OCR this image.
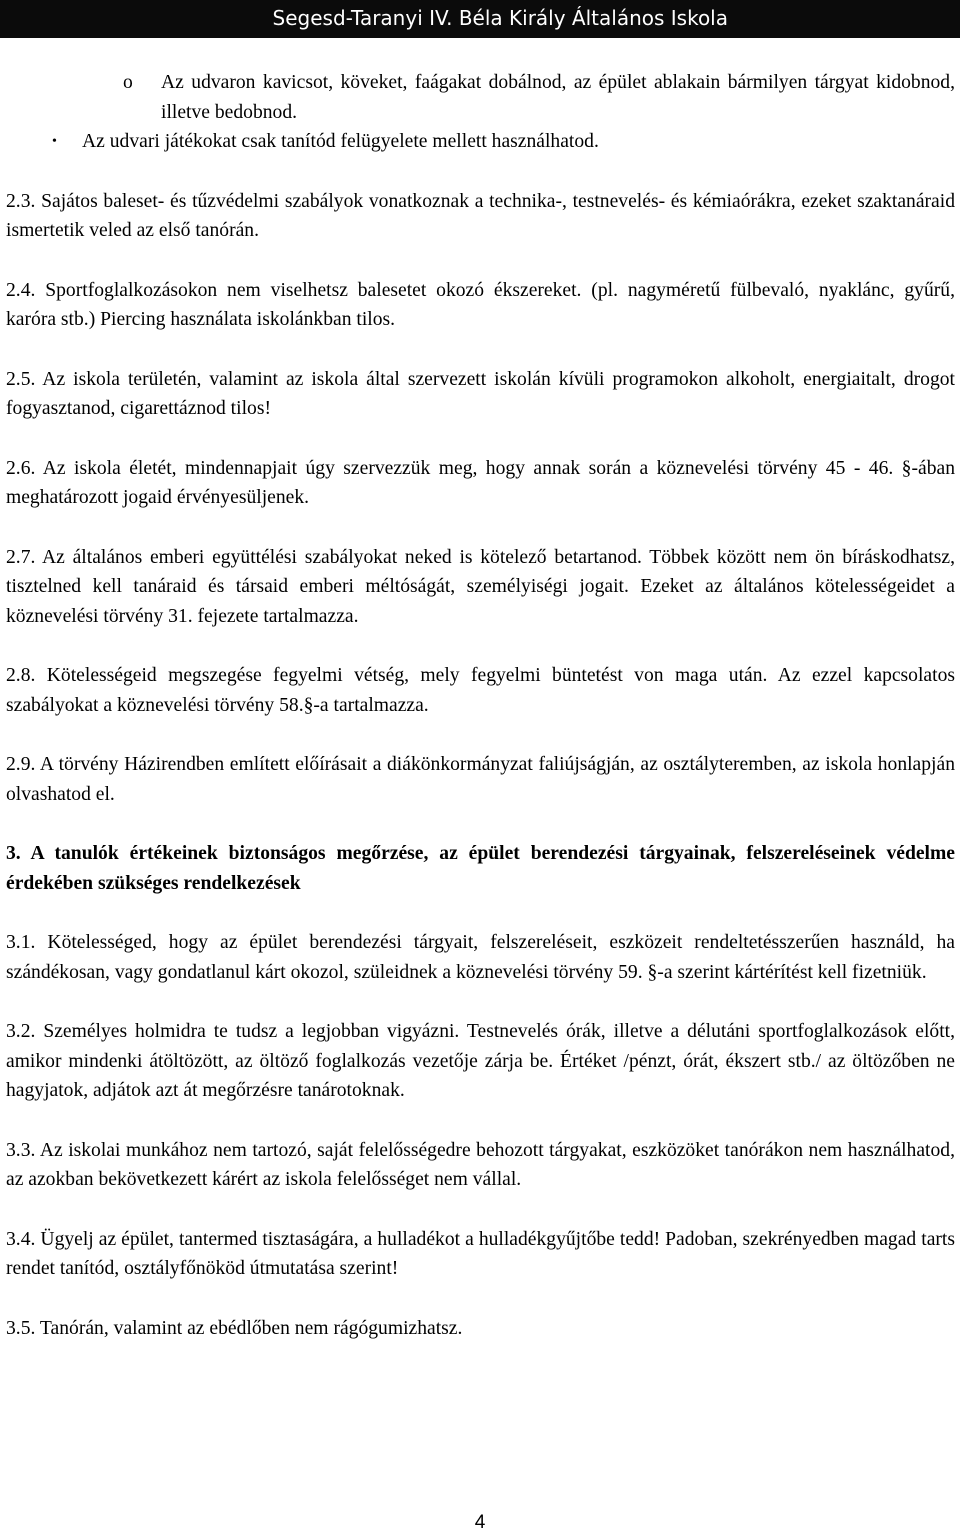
Segesd-Taranyi IV. Béla Király Általános Iskola
o Az udvaron kavicsot, köveket, faágakat dobálnod, az épület ablakain bármilyen tárgyat kidobnod, illetve bedobnod.
• Az udvari játékokat csak tanítód felügyelete mellett használhatod.

2.3. Sajátos baleset- és tűzvédelmi szabályok vonatkoznak a technika-, testnevelés- és kémiaórákra, ezeket szaktanáraid ismertetik veled az első tanórán.

2.4. Sportfoglalkozásokon nem viselhetsz balesetet okozó ékszereket. (pl. nagyméretű fülbevaló, nyaklánc, gyűrű, karóra stb.) Piercing használata iskolánkban tilos.

2.5. Az iskola területén, valamint az iskola által szervezett iskolán kívüli programokon alkoholt, energiaitalt, drogot fogyasztanod, cigarettáznod tilos!

2.6. Az iskola életét, mindennapjait úgy szervezzük meg, hogy annak során a köznevelési törvény 45 - 46. §-ában meghatározott jogaid érvényesüljenek.

2.7. Az általános emberi együttélési szabályokat neked is kötelező betartanod. Többek között nem ön bíráskodhatsz, tisztelned kell tanáraid és társaid emberi méltóságát, személyiségi jogait. Ezeket az általános kötelességeidet a köznevelési törvény 31. fejezete tartalmazza.

2.8. Kötelességeid megszegése fegyelmi vétség, mely fegyelmi büntetést von maga után. Az ezzel kapcsolatos szabályokat a köznevelési törvény 58.§-a tartalmazza.

2.9. A törvény Házirendben említett előírásait a diákönkormányzat faliújságján, az osztályteremben, az iskola honlapján olvashatod el.

3. A tanulók értékeinek biztonságos megőrzése, az épület berendezési tárgyainak, felszereléseinek védelme érdekében szükséges rendelkezések

3.1. Kötelességed, hogy az épület berendezési tárgyait, felszereléseit, eszközeit rendeltetésszerűen használd, ha szándékosan, vagy gondatlanul kárt okozol, szüleidnek a köznevelési törvény 59. §-a szerint kártérítést kell fizetniük.

3.2. Személyes holmidra te tudsz a legjobban vigyázni. Testnevelés órák, illetve a délutáni sportfoglalkozások előtt, amikor mindenki átöltözött, az öltöző foglalkozás vezetője zárja be. Értéket /pénzt, órát, ékszert stb./ az öltözőben ne hagyjatok, adjátok azt át megőrzésre tanárotoknak.

3.3. Az iskolai munkához nem tartozó, saját felelősségedre behozott tárgyakat, eszközöket tanórákon nem használhatod, az azokban bekövetkezett kárért az iskola felelősséget nem vállal.

3.4. Ügyelj az épület, tantermed tisztaságára, a hulladékot a hulladékgyűjtőbe tedd! Padoban, szekrényedben magad tarts rendet tanítód, osztályfőnököd útmutatása szerint!

3.5. Tanórán, valamint az ebédlőben nem rágógumizhatsz.

4
